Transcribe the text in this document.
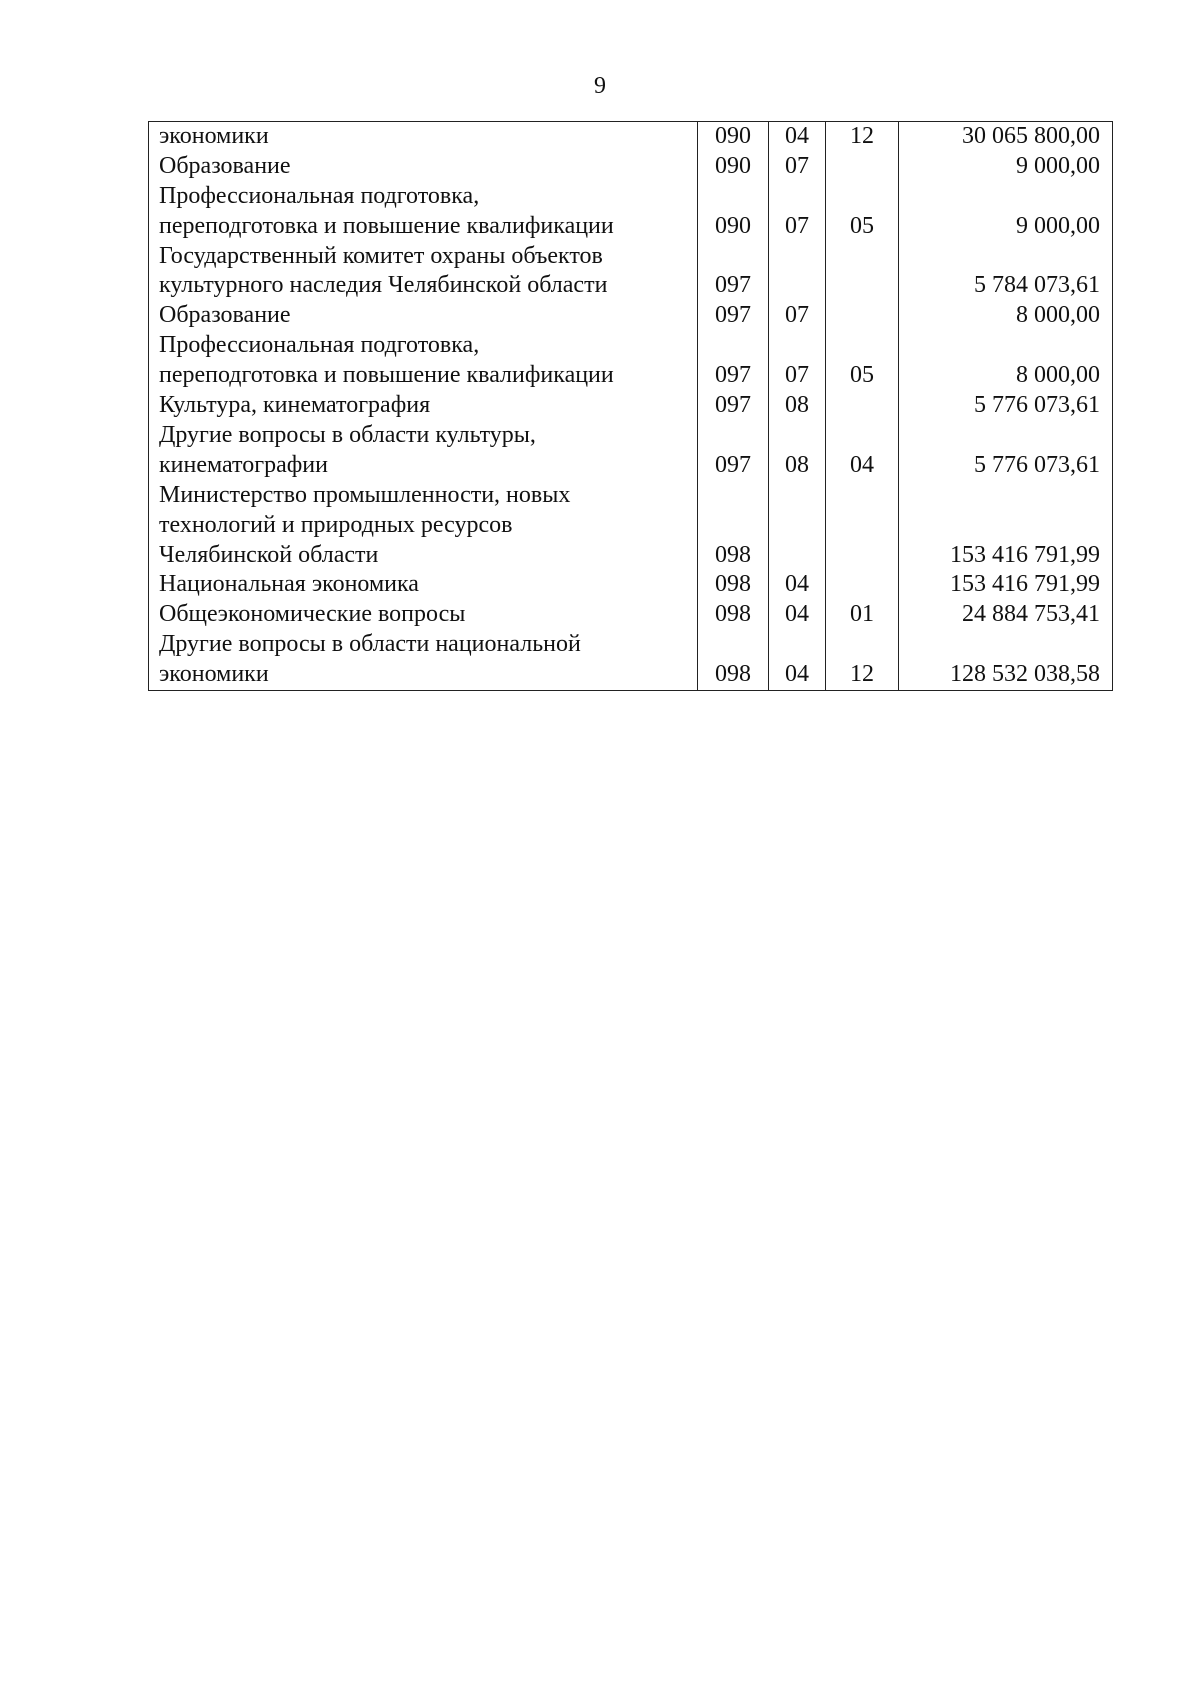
9
экономики	090	04	12	30 065 800,00

Образование	090	07		9 000,00

Профессиональная подготовка,
переподготовка и повышение квалификации	090	07	05	9 000,00

Государственный комитет охраны объектов
культурного наследия Челябинской области	097			5 784 073,61

Образование	097	07		8 000,00

Профессиональная подготовка,
переподготовка и повышение квалификации	097	07	05	8 000,00

Культура, кинематография	097	08		5 776 073,61

Другие вопросы в области культуры,
кинематографии	097	08	04	5 776 073,61

Министерство промышленности, новых
технологий и природных ресурсов
Челябинской области	098			153 416 791,99

Национальная экономика	098	04		153 416 791,99

Общеэкономические вопросы	098	04	01	24 884 753,41

Другие вопросы в области национальной
экономики	098	04	12	128 532 038,58
